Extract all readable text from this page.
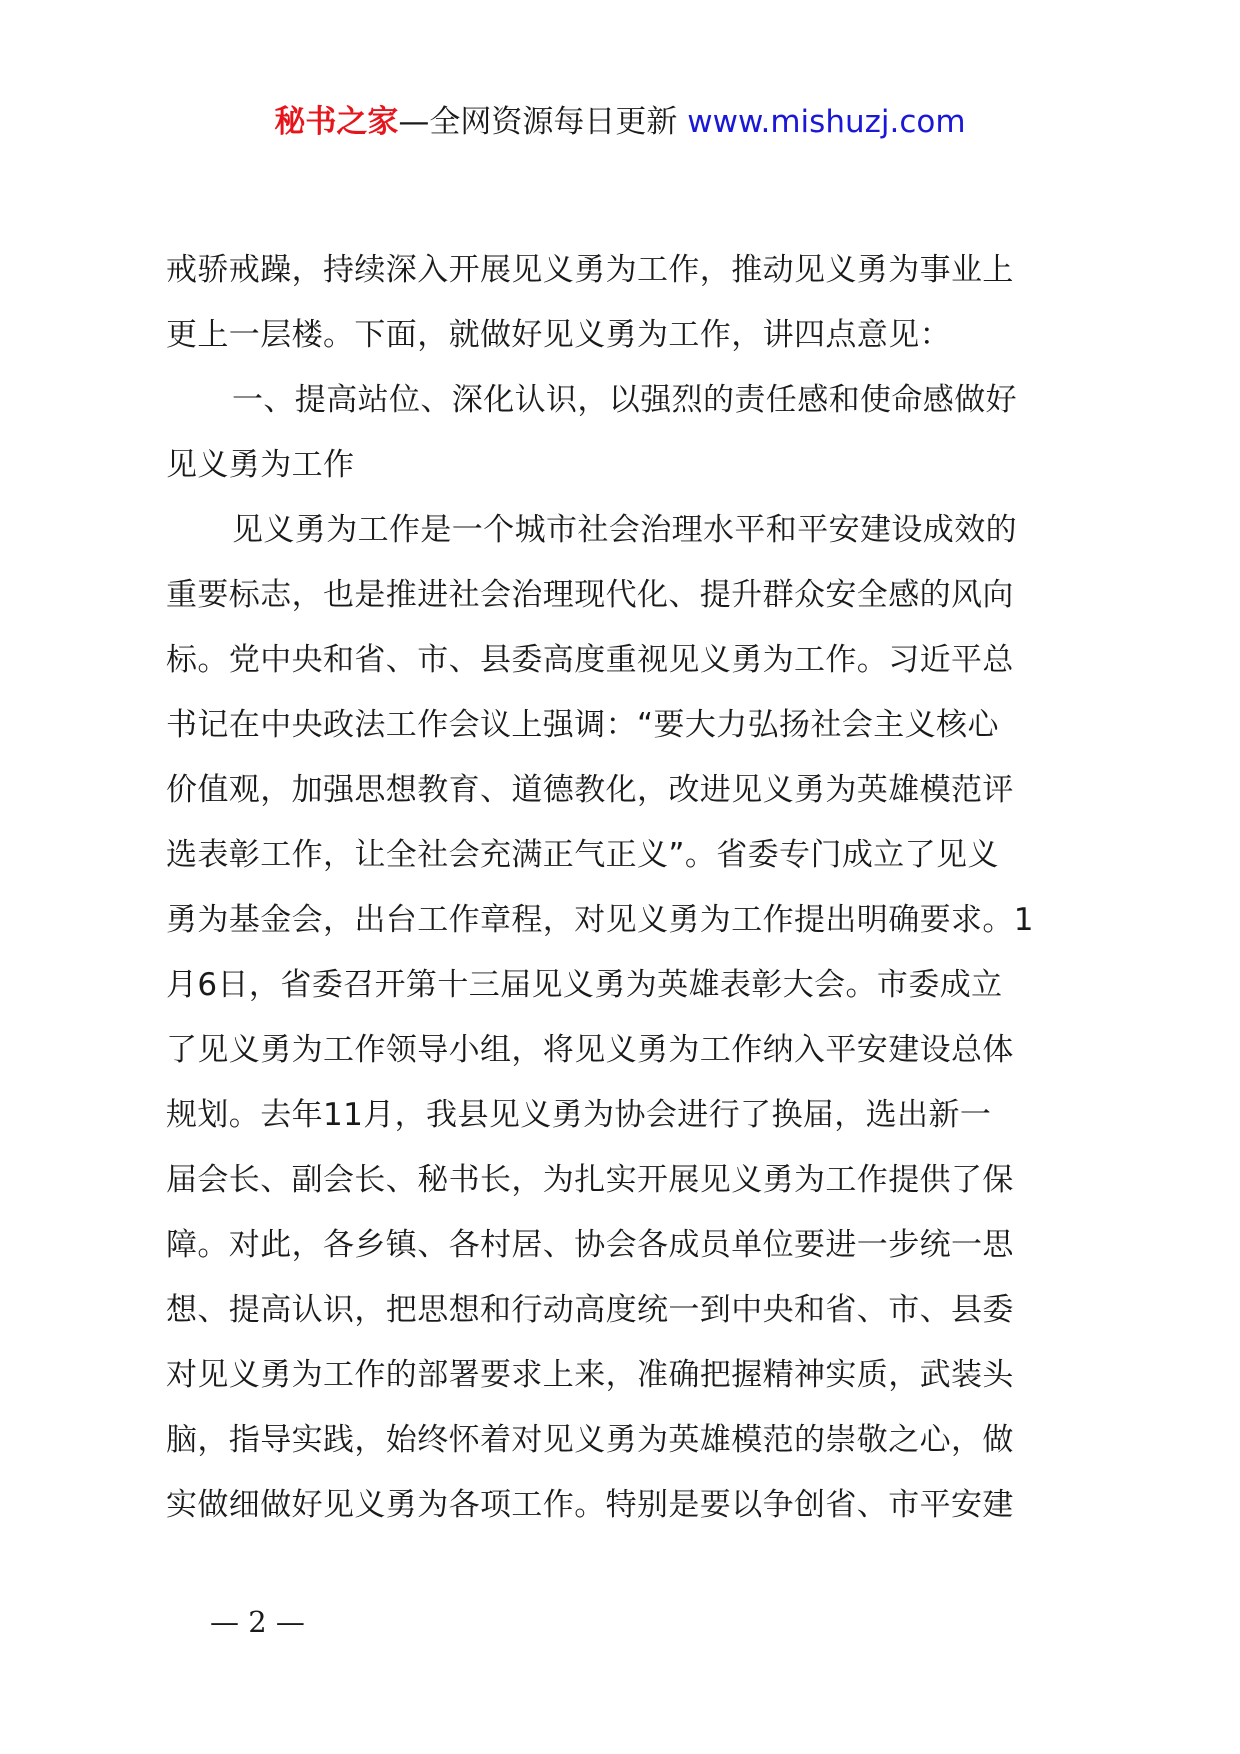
秘书之家—全网资源每日更新 www.mishuzj.com
戒骄戒躁，持续深入开展见义勇为工作，推动见义勇为事业上
更上一层楼。下面，就做好见义勇为工作，讲四点意见：
一、提高站位、深化认识，以强烈的责任感和使命感做好
见义勇为工作
见义勇为工作是一个城市社会治理水平和平安建设成效的
重要标志，也是推进社会治理现代化、提升群众安全感的风向
标。党中央和省、市、县委高度重视见义勇为工作。习近平总
书记在中央政法工作会议上强调：“要大力弘扬社会主义核心
价值观，加强思想教育、道德教化，改进见义勇为英雄模范评
选表彰工作，让全社会充满正气正义”。省委专门成立了见义
勇为基金会，出台工作章程，对见义勇为工作提出明确要求。1
月6日，省委召开第十三届见义勇为英雄表彰大会。市委成立
了见义勇为工作领导小组，将见义勇为工作纳入平安建设总体
规划。去年11月，我县见义勇为协会进行了换届，选出新一
届会长、副会长、秘书长，为扎实开展见义勇为工作提供了保
障。对此，各乡镇、各村居、协会各成员单位要进一步统一思
想、提高认识，把思想和行动高度统一到中央和省、市、县委
对见义勇为工作的部署要求上来，准确把握精神实质，武装头
脑，指导实践，始终怀着对见义勇为英雄模范的崇敬之心，做
实做细做好见义勇为各项工作。特别是要以争创省、市平安建
— 2 —
